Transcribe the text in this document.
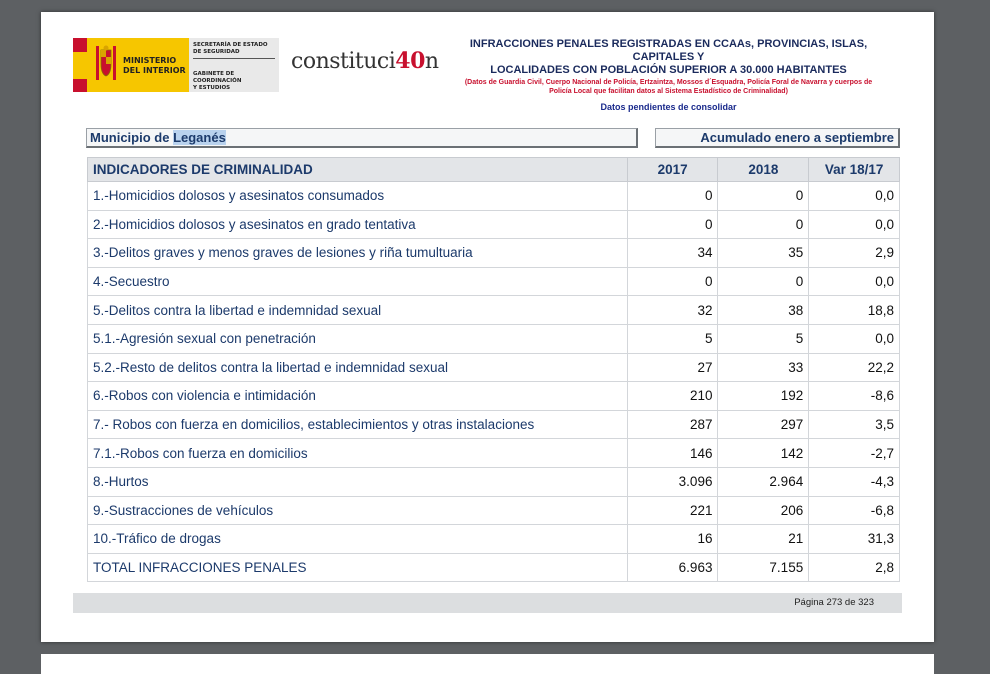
MINISTERIO
DEL INTERIOR
SECRETARÍA DE ESTADO
DE SEGURIDAD
GABINETE DE COORDINACIÓN
Y ESTUDIOS
constituci40n
INFRACCIONES PENALES REGISTRADAS EN CCAAs, PROVINCIAS, ISLAS, CAPITALES Y
LOCALIDADES CON POBLACIÓN SUPERIOR A 30.000 HABITANTES
(Datos de Guardia Civil, Cuerpo Nacional de Policía, Ertzaintza, Mossos d´Esquadra, Policía Foral de Navarra y cuerpos de
Policía Local que facilitan datos al Sistema Estadístico de Criminalidad)
Datos pendientes de consolidar
Municipio de Leganés	Acumulado enero a septiembre
INDICADORES DE CRIMINALIDAD	2017	2018	Var 18/17
1.-Homicidios dolosos y asesinatos consumados	0	0	0,0
2.-Homicidios dolosos y asesinatos en grado tentativa	0	0	0,0
3.-Delitos graves y menos graves de lesiones y riña tumultuaria	34	35	2,9
4.-Secuestro	0	0	0,0
5.-Delitos contra la libertad e indemnidad sexual	32	38	18,8
5.1.-Agresión sexual con penetración	5	5	0,0
5.2.-Resto de delitos contra la libertad e indemnidad sexual	27	33	22,2
6.-Robos con violencia e intimidación	210	192	-8,6
7.- Robos con fuerza en domicilios, establecimientos y otras instalaciones	287	297	3,5
7.1.-Robos con fuerza en domicilios	146	142	-2,7
8.-Hurtos	3.096	2.964	-4,3
9.-Sustracciones de vehículos	221	206	-6,8
10.-Tráfico de drogas	16	21	31,3
TOTAL INFRACCIONES PENALES	6.963	7.155	2,8
Página 273 de 323
